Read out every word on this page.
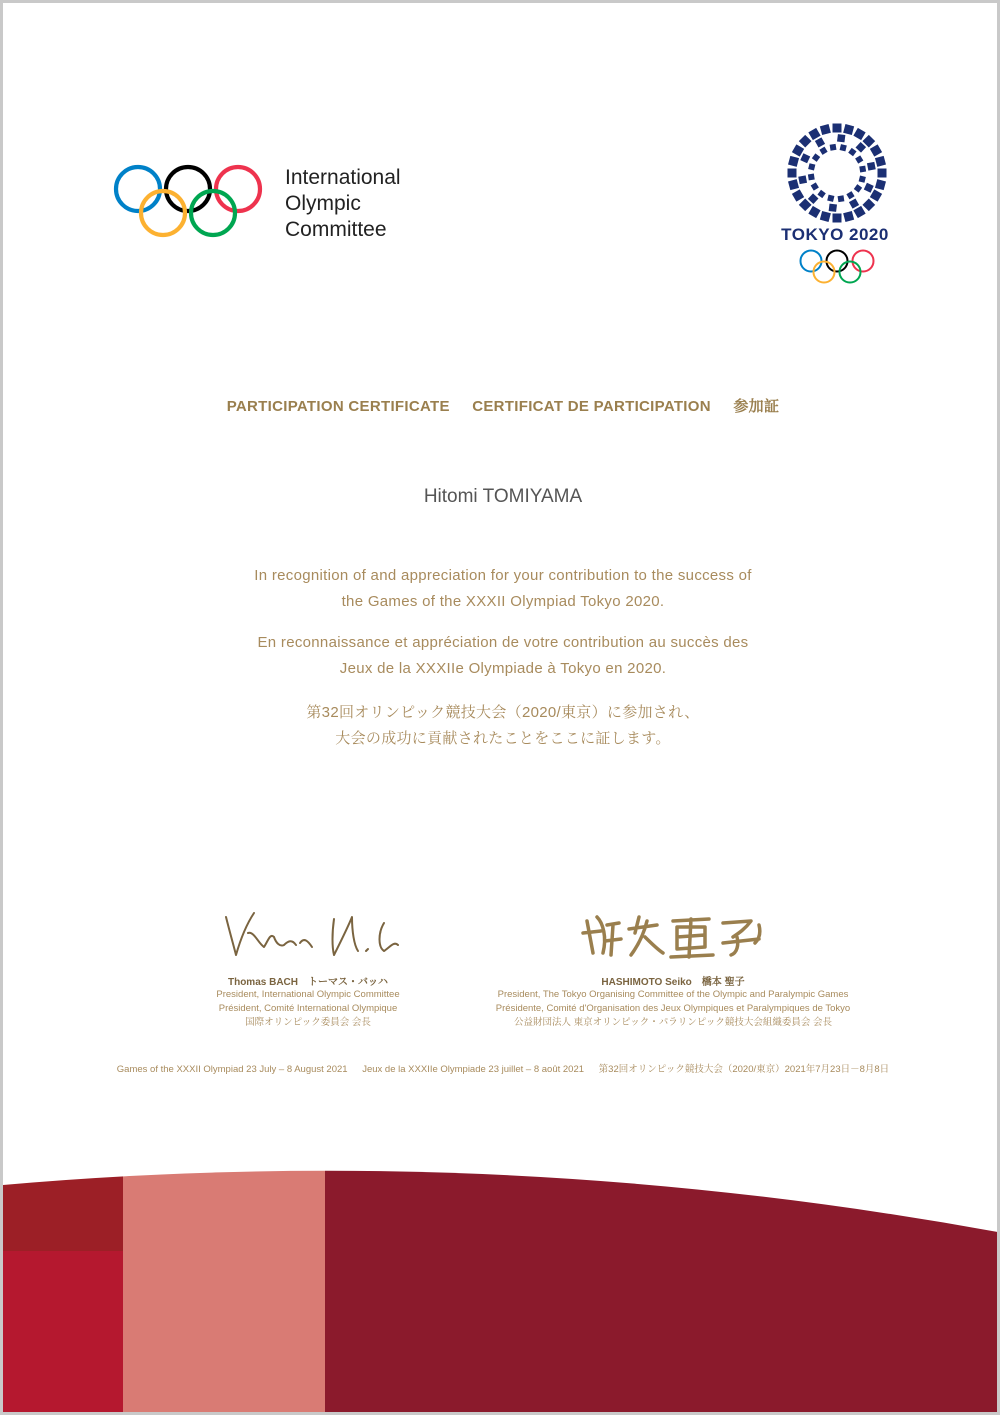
International
Olympic
Committee	TOKYO 2020
PARTICIPATION CERTIFICATE CERTIFICAT DE PARTICIPATION 参加証
Hitomi TOMIYAMA
In recognition of and appreciation for your contribution to the success of
the Games of the XXXII Olympiad Tokyo 2020.
En reconnaissance et appréciation de votre contribution au succès des
Jeux de la XXXIIe Olympiade à Tokyo en 2020.
第32回オリンピック競技大会（2020/東京）に参加され、
大会の成功に貢献されたことをここに証します。
Thomas BACH　トーマス・バッハ
President, International Olympic Committee
Président, Comité International Olympique
国際オリンピック委員会 会長
HASHIMOTO Seiko　橋本 聖子
President, The Tokyo Organising Committee of the Olympic and Paralympic Games
Présidente, Comité d'Organisation des Jeux Olympiques et Paralympiques de Tokyo
公益財団法人 東京オリンピック・パラリンピック競技大会組織委員会 会長
Games of the XXXII Olympiad 23 July – 8 August 2021 Jeux de la XXXIIe Olympiade 23 juillet – 8 août 2021 第32回オリンピック競技大会（2020/東京）2021年7月23日－8月8日
